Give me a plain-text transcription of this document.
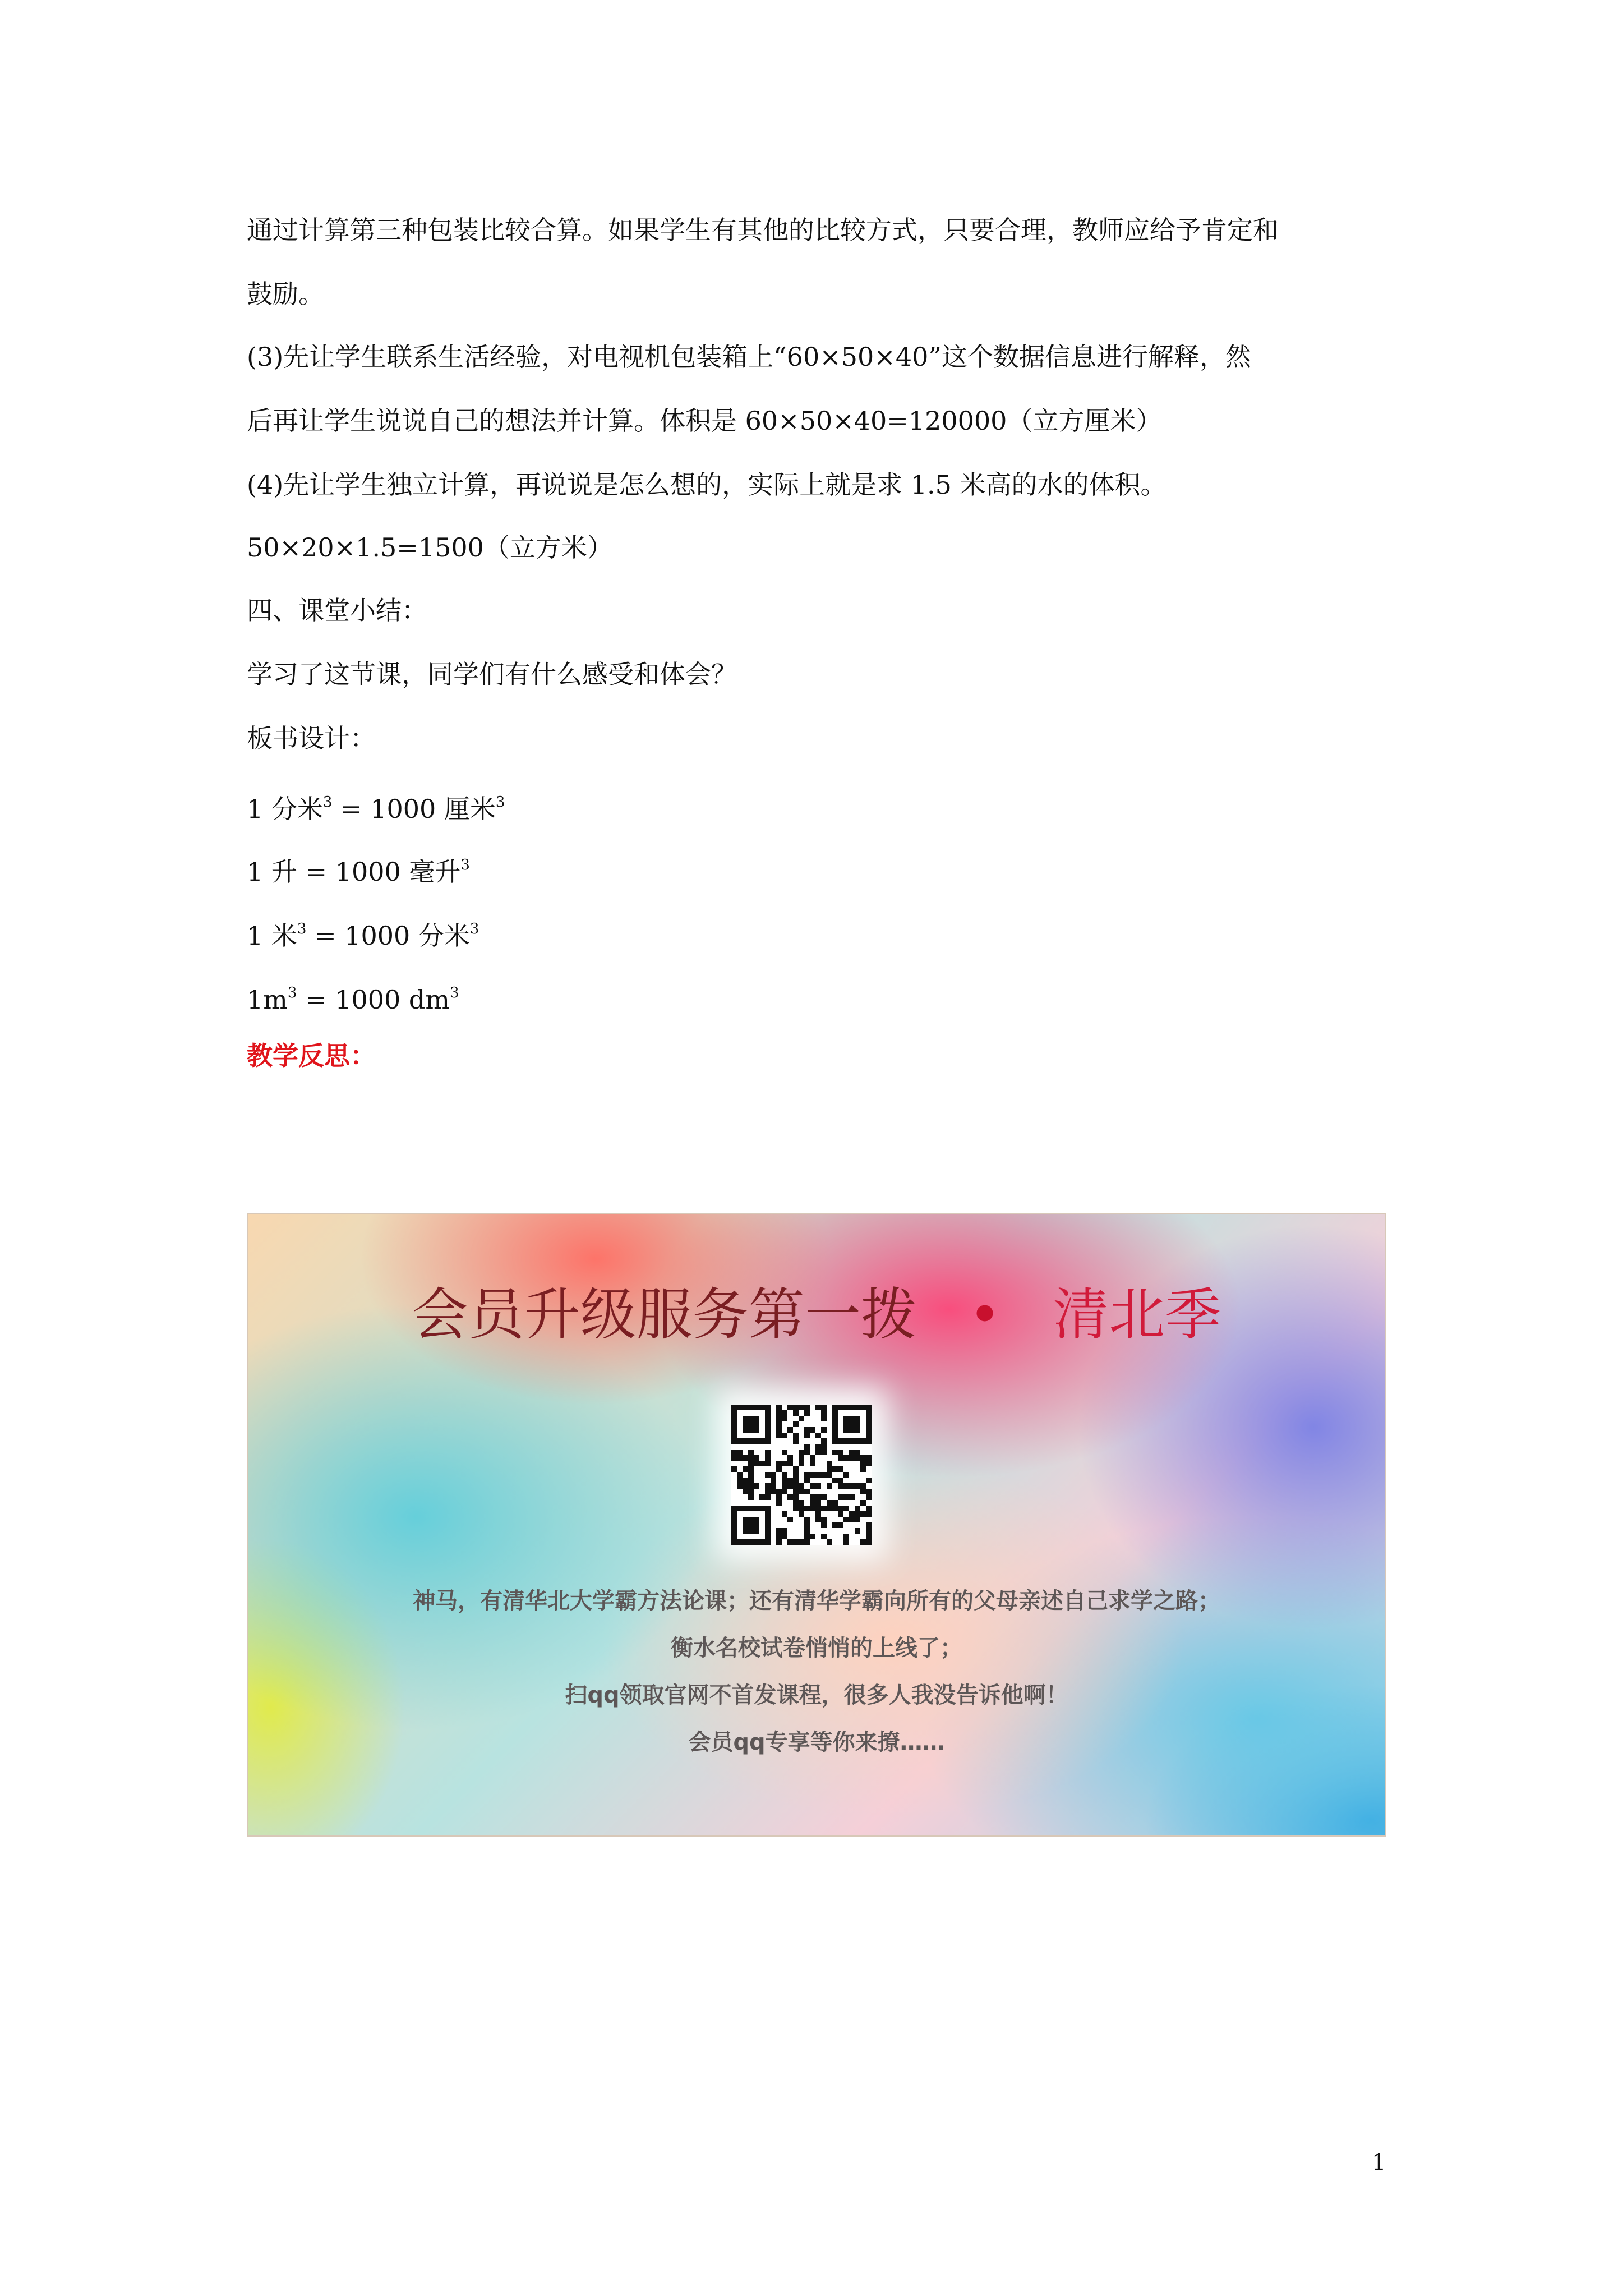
通过计算第三种包装比较合算。如果学生有其他的比较方式，只要合理，教师应给予肯定和
鼓励。
(3)先让学生联系生活经验，对电视机包装箱上“60×50×40”这个数据信息进行解释，然
后再让学生说说自己的想法并计算。体积是 60×50×40=120000（立方厘米）
(4)先让学生独立计算，再说说是怎么想的，实际上就是求 1.5 米高的水的体积。
50×20×1.5=1500（立方米）
四、课堂小结：
学习了这节课，同学们有什么感受和体会？
板书设计：
1 分米$^3$ = 1000 厘米$^3$
1 升 = 1000 毫升$^3$
1 米$^3$ = 1000 分米$^3$
$1m^3 = 1000$ $dm^3$
教学反思：
会员升级服务第一拨 • 清北季
神马，有清华北大学霸方法论课；还有清华学霸向所有的父母亲述自己求学之路；
衡水名校试卷悄悄的上线了；
扫qq领取官网不首发课程，很多人我没告诉他啊！
会员qq专享等你来撩……
1
